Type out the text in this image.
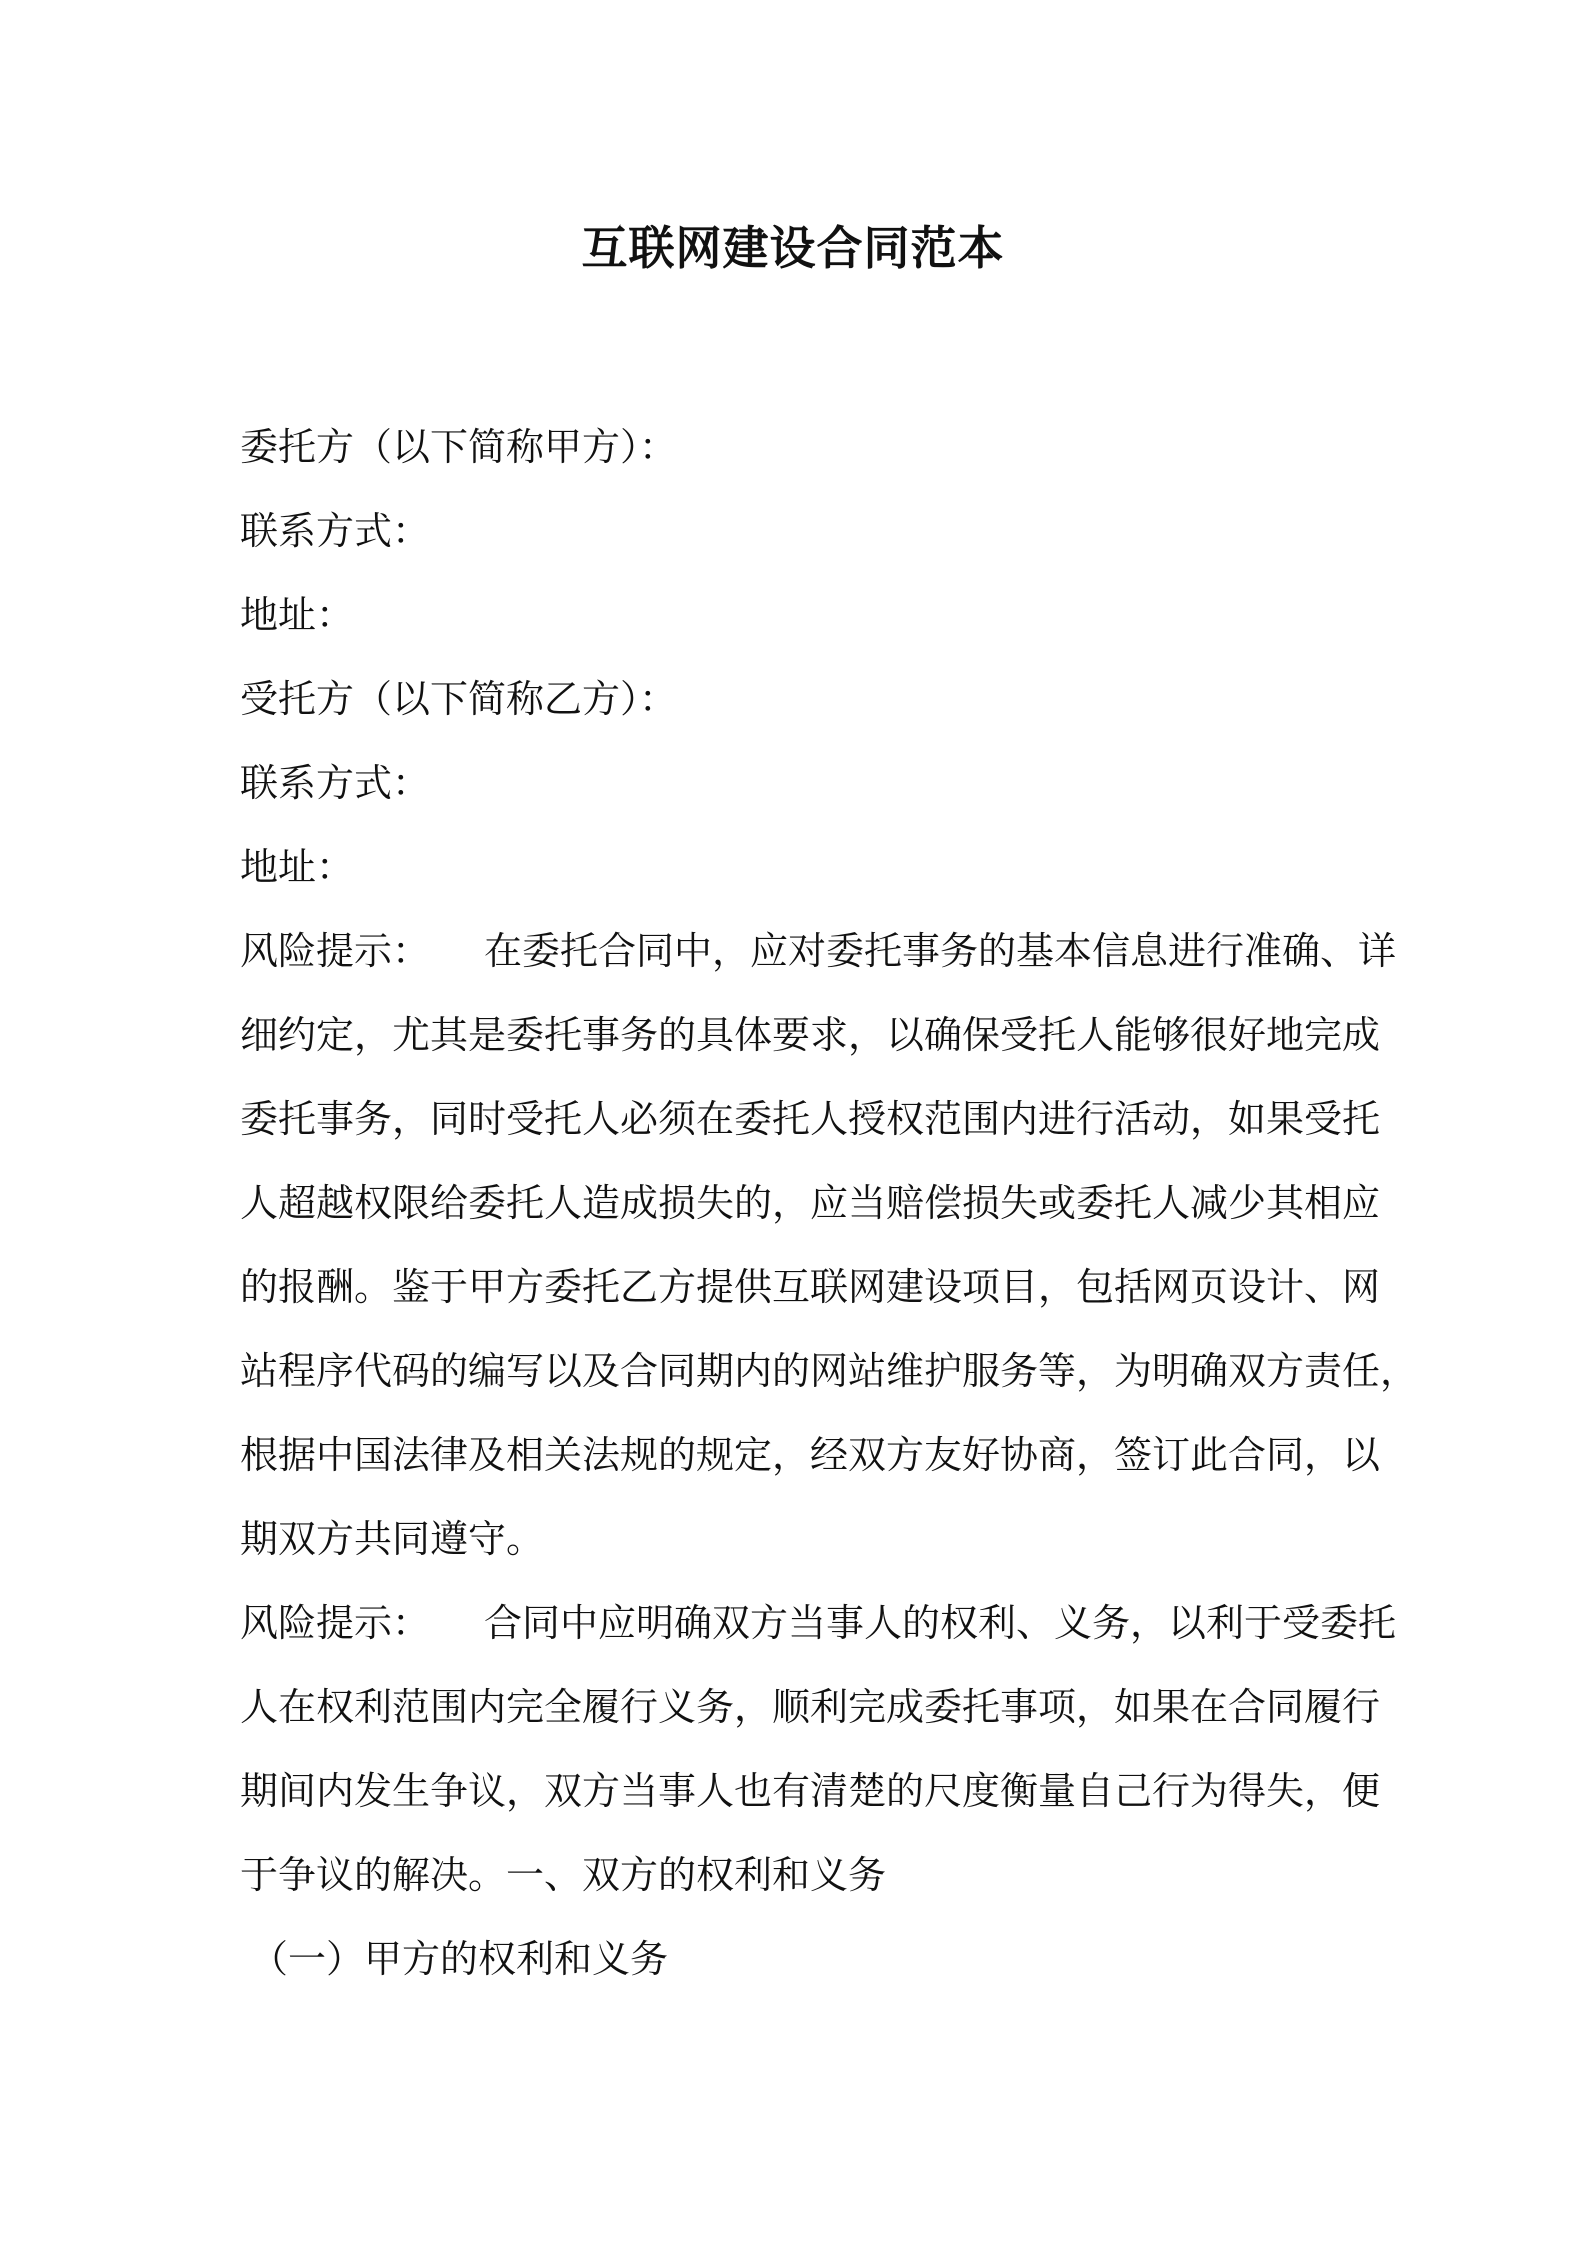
互联网建设合同范本
委托方（以下简称甲方）：
联系方式：
地址：
受托方（以下简称乙方）：
联系方式：
地址：
风险提示： 在委托合同中，应对委托事务的基本信息进行准确、详
细约定，尤其是委托事务的具体要求，以确保受托人能够很好地完成
委托事务，同时受托人必须在委托人授权范围内进行活动，如果受托
人超越权限给委托人造成损失的，应当赔偿损失或委托人减少其相应
的报酬。鉴于甲方委托乙方提供互联网建设项目，包括网页设计、网
站程序代码的编写以及合同期内的网站维护服务等，为明确双方责任，
根据中国法律及相关法规的规定，经双方友好协商，签订此合同，以
期双方共同遵守。
风险提示： 合同中应明确双方当事人的权利、义务，以利于受委托
人在权利范围内完全履行义务，顺利完成委托事项，如果在合同履行
期间内发生争议，双方当事人也有清楚的尺度衡量自己行为得失，便
于争议的解决。一、双方的权利和义务
（一）甲方的权利和义务
